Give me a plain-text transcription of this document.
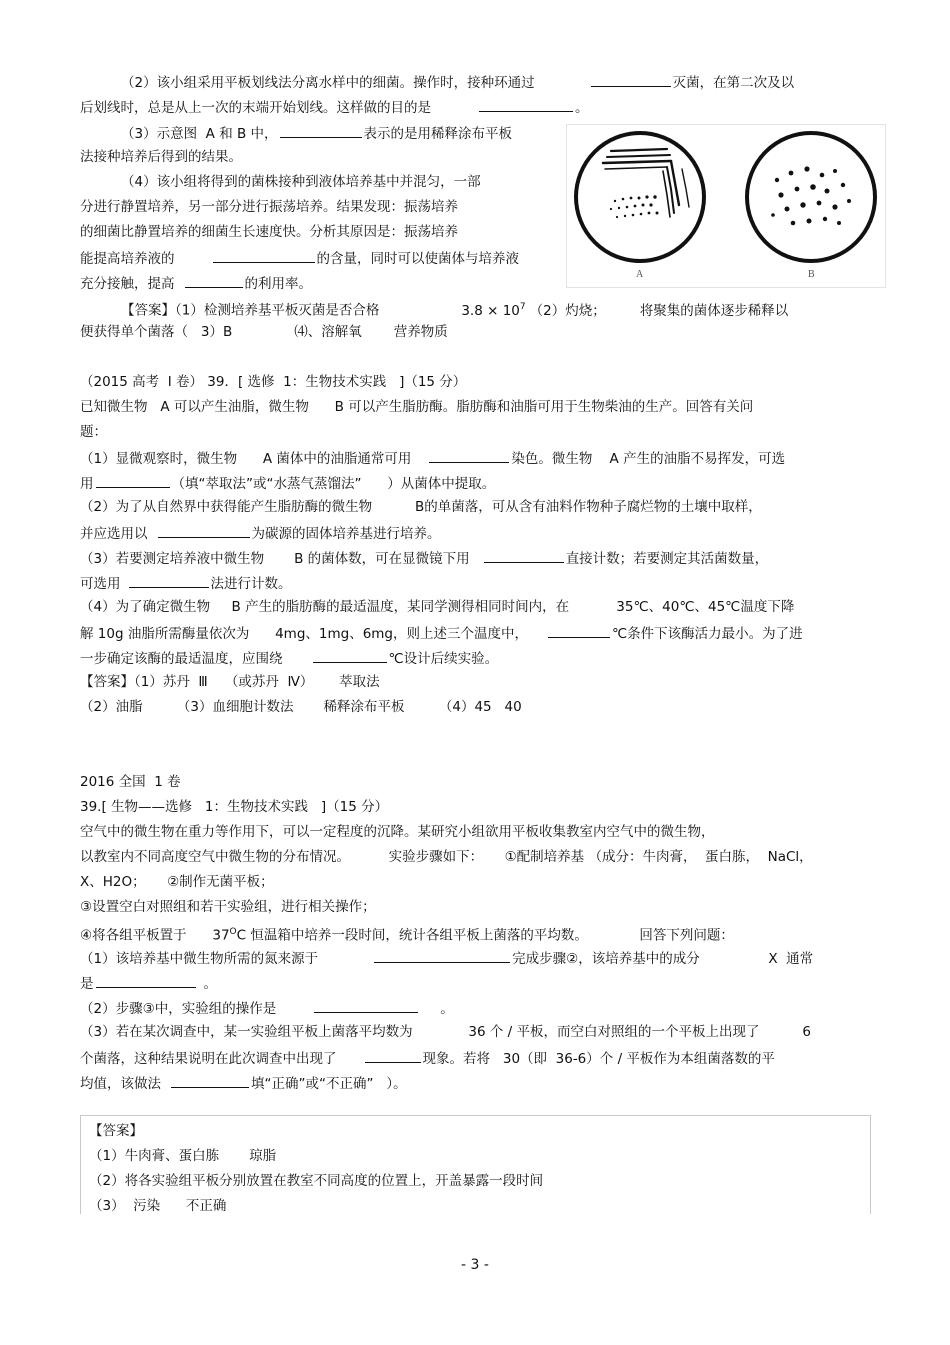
（2）该小组采用平板划线法分离水样中的细菌。操作时，接种环通过	灭菌，在第二次及以
后划线时，总是从上一次的末端开始划线。这样做的目的是	。
（3）示意图  A 和 B 中，	表示的是用稀释涂布平板
法接种培养后得到的结果。
（4）该小组将得到的菌株接种到液体培养基中并混匀，一部
分进行静置培养，另一部分进行振荡培养。结果发现：振荡培养
的细菌比静置培养的细菌生长速度快。分析其原因是：振荡培养
能提高培养液的	的含量，同时可以使菌体与培养液
充分接触，提高	的利用率。
A	B
【答案】（1）检测培养基平板灭菌是否合格	$3.8 \times 10^7$ （2）灼烧；	将聚集的菌体逐步稀释以
便获得单个菌落（   3）B	⑷、溶解氧 营养物质
（2015 高考  Ⅰ 卷） 39．[ 选修  1：生物技术实践   ]（15 分）
已知微生物   A 可以产生油脂，微生物      B 可以产生脂肪酶。脂肪酶和油脂可用于生物柴油的生产。回答有关问
题：
（1）显微观察时，微生物      A 菌体中的油脂通常可用	染色。微生物    A 产生的油脂不易挥发，可选
用	（填“萃取法”或“水蒸气蒸馏法”      ）从菌体中提取。
（2）为了从自然界中获得能产生脂肪酶的微生物          B的单菌落，可从含有油料作物种子腐烂物的土壤中取样，
并应选用以	为碳源的固体培养基进行培养。
（3）若要测定培养液中微生物       B 的菌体数，可在显微镜下用	直接计数；若要测定其活菌数量，
可选用	法进行计数。
（4）为了确定微生物     B 产生的脂肪酶的最适温度，某同学测得相同时间内，在           35℃、40℃、45℃温度下降
解 10g 油脂所需酶量依次为      4mg、1mg、6mg，则上述三个温度中，	℃条件下该酶活力最小。为了进
一步确定该酶的最适温度，应围绕	℃设计后续实验。
【答案】（1）苏丹  Ⅲ    （或苏丹  Ⅳ）      萃取法
（2）油脂        （3）血细胞计数法       稀释涂布平板        （4）45   40
2016 全国  1 卷
39.[ 生物——选修   1：生物技术实践   ]（15 分）
空气中的微生物在重力等作用下，可以一定程度的沉降。某研究小组欲用平板收集教室内空气中的微生物，
以教室内不同高度空气中微生物的分布情况。         实验步骤如下：     ①配制培养基 （成分：牛肉膏，  蛋白胨，  NaCl，
X、H2O；     ②制作无菌平板；
③设置空白对照组和若干实验组，进行相关操作；
④将各组平板置于      $37^OC$ 恒温箱中培养一段时间，统计各组平板上菌落的平均数。            回答下列问题：
（1）该培养基中微生物所需的氮来源于	完成步骤②，该培养基中的成分                X  通常
是	。
（2）步骤③中，实验组的操作是	。
（3）若在某次调查中，某一实验组平板上菌落平均数为             36 个 / 平板，而空白对照组的一个平板上出现了          6
个菌落，这种结果说明在此次调查中出现了	现象。若将   30（即  36-6）个 / 平板作为本组菌落数的平
均值，该做法	填“正确”或“不正确”   ）。
【答案】
（1）牛肉膏、蛋白胨       琼脂
（2）将各实验组平板分别放置在教室不同高度的位置上，开盖暴露一段时间
（3）  污染      不正确
- 3 -
